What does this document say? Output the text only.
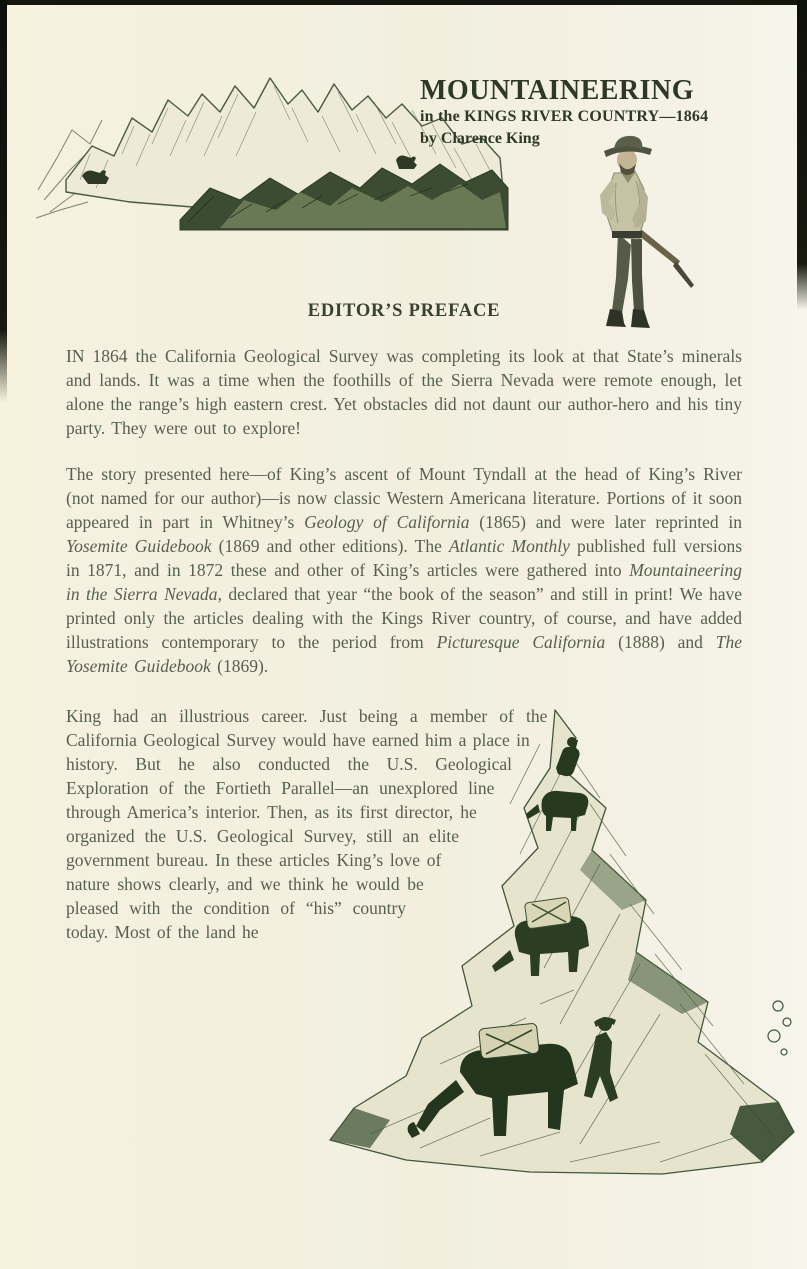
MOUNTAINEERING
in the KINGS RIVER COUNTRY—1864
by Clarence King
EDITOR’S PREFACE

IN 1864 the California Geological Survey was completing its look at that State’s minerals and lands. It was a time when the foothills of the Sierra Nevada were remote enough, let alone the range’s high eastern crest. Yet obstacles did not daunt our author-hero and his tiny party. They were out to explore!

The story presented here—of King’s ascent of Mount Tyndall at the head of King’s River (not named for our author)—is now classic Western Americana literature. Portions of it soon appeared in part in Whitney’s Geology of California (1865) and were later reprinted in Yosemite Guidebook (1869 and other editions). The Atlantic Monthly published full versions in 1871, and in 1872 these and other of King’s articles were gathered into Mountaineering in the Sierra Nevada, declared that year “the book of the season” and still in print! We have printed only the articles dealing with the Kings River country, of course, and have added illustrations contemporary to the period from Picturesque California (1888) and The Yosemite Guidebook (1869).

King had an illustrious career. Just being a member of the California Geological Survey would have earned him a place in history. But he also conducted the U.S. Geological Exploration of the Fortieth Parallel—an unexplored line through America’s interior. Then, as its first director, he organized the U.S. Geological Survey, still an elite government bureau. In these articles King’s love of nature shows clearly, and we think he would be pleased with the condition of “his” country today. Most of the land he
